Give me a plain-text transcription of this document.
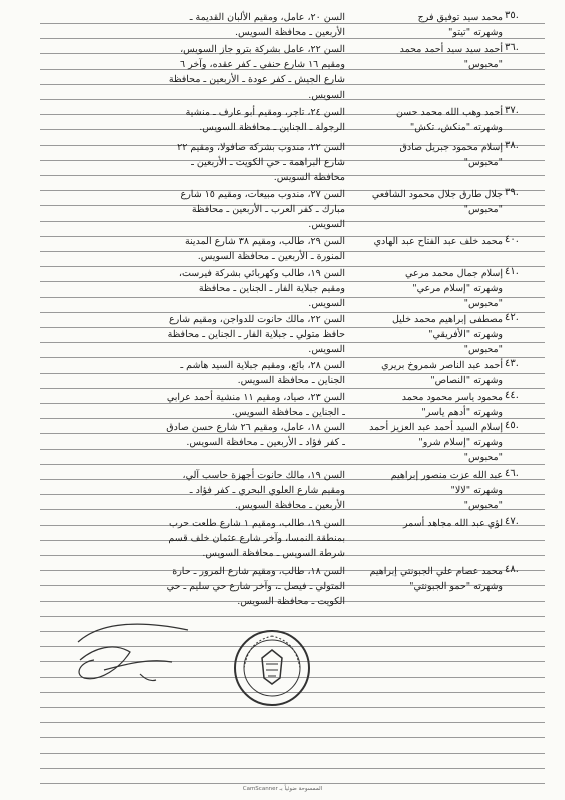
٣٥.
محمد سيد توفيق فرج
وشهرته "تيتو"
السن ٢٠، عامل، ومقيم الألبان القديمة ـ
الأربعين ـ محافظة السويس.
٣٦.
أحمد سيد سيد أحمد محمد
"محبوس"
السن ٢٢، عامل بشركة بترو جاز السويس،
ومقيم ١٦ شارع حنفي ـ كفر عقده، وآخر ٦
شارع الجيش ـ كفر عودة ـ الأربعين ـ محافظة
السويس.
٣٧.
أحمد وهب الله محمد حسن
وشهرته "منكش، تكش"
السن ٢٤، تاجر، ومقيم أبو عارف ـ منشية
الرجولة ـ الجناين ـ محافظة السويس.
٣٨.
إسلام محمود جبريل صادق
"محبوس"
السن ٢٢، مندوب بشركة صافولا، ومقيم ٢٢
شارع البراهمة ـ حي الكويت ـ الأربعين ـ
محافظة السويس.
٣٩.
جلال طارق جلال محمود الشافعي
"محبوس"
السن ٢٧، مندوب مبيعات، ومقيم ١٥ شارع
مبارك ـ كفر العرب ـ الأربعين ـ محافظة
السويس.
٤٠.
محمد خلف عبد الفتاح عبد الهادي
السن ٢٩، طالب، ومقيم ٣٨ شارع المدينة
المنورة ـ الأربعين ـ محافظة السويس.
٤١.
إسلام جمال محمد مرعي
وشهرته "إسلام مرعي"
"محبوس"
السن ١٩، طالب وكهربائي بشركة فيرست،
ومقيم جبلاية الفار ـ الجناين ـ محافظة
السويس.
٤٢.
مصطفى إبراهيم محمد خليل
وشهرته "الأفريقي"
"محبوس"
السن ٢٢، مالك حانوت للدواجن، ومقيم شارع
حافظ متولي ـ جبلاية الفار ـ الجناين ـ محافظة
السويس.
٤٣.
أحمد عبد الناصر شمروخ بريري
وشهرته "النصاص"
السن ٢٨، بائع، ومقيم جبلاية السيد هاشم ـ
الجناين ـ محافظة السويس.
٤٤.
محمود ياسر محمود محمد
وشهرته "أدهم ياسر"
السن ٢٣، صياد، ومقيم ١١ منشية أحمد عرابي
ـ الجناين ـ محافظة السويس.
٤٥.
إسلام السيد أحمد عبد العزيز أحمد
وشهرته "إسلام شرو"
"محبوس"
السن ١٨، عامل، ومقيم ٢٦ شارع حسن صادق
ـ كفر فؤاد ـ الأربعين ـ محافظة السويس.
٤٦.
عبد الله عزت منصور إبراهيم
وشهرته "لالا"
"محبوس"
السن ١٩، مالك حانوت أجهزة حاسب آلي،
ومقيم شارع العلوي البحري ـ كفر فؤاد ـ
الأربعين ـ محافظة السويس.
٤٧.
لؤي عبد الله مجاهد أسمر
السن ١٩، طالب، ومقيم ١ شارع طلعت حرب
بمنطقة النمسا، وآخر شارع عثمان خلف قسم
شرطة السويس ـ محافظة السويس.
٤٨.
محمد عصام علي الجبونتي إبراهيم
وشهرته "حمو الجبونتي"
السن ١٨، طالب، ومقيم شارع المرور ـ حارة
المتولي ـ فيصل ـ، وآخر شارع حي سليم ـ حي
الكويت ـ محافظة السويس.
الممسوحة ضوئياً بـ CamScanner
